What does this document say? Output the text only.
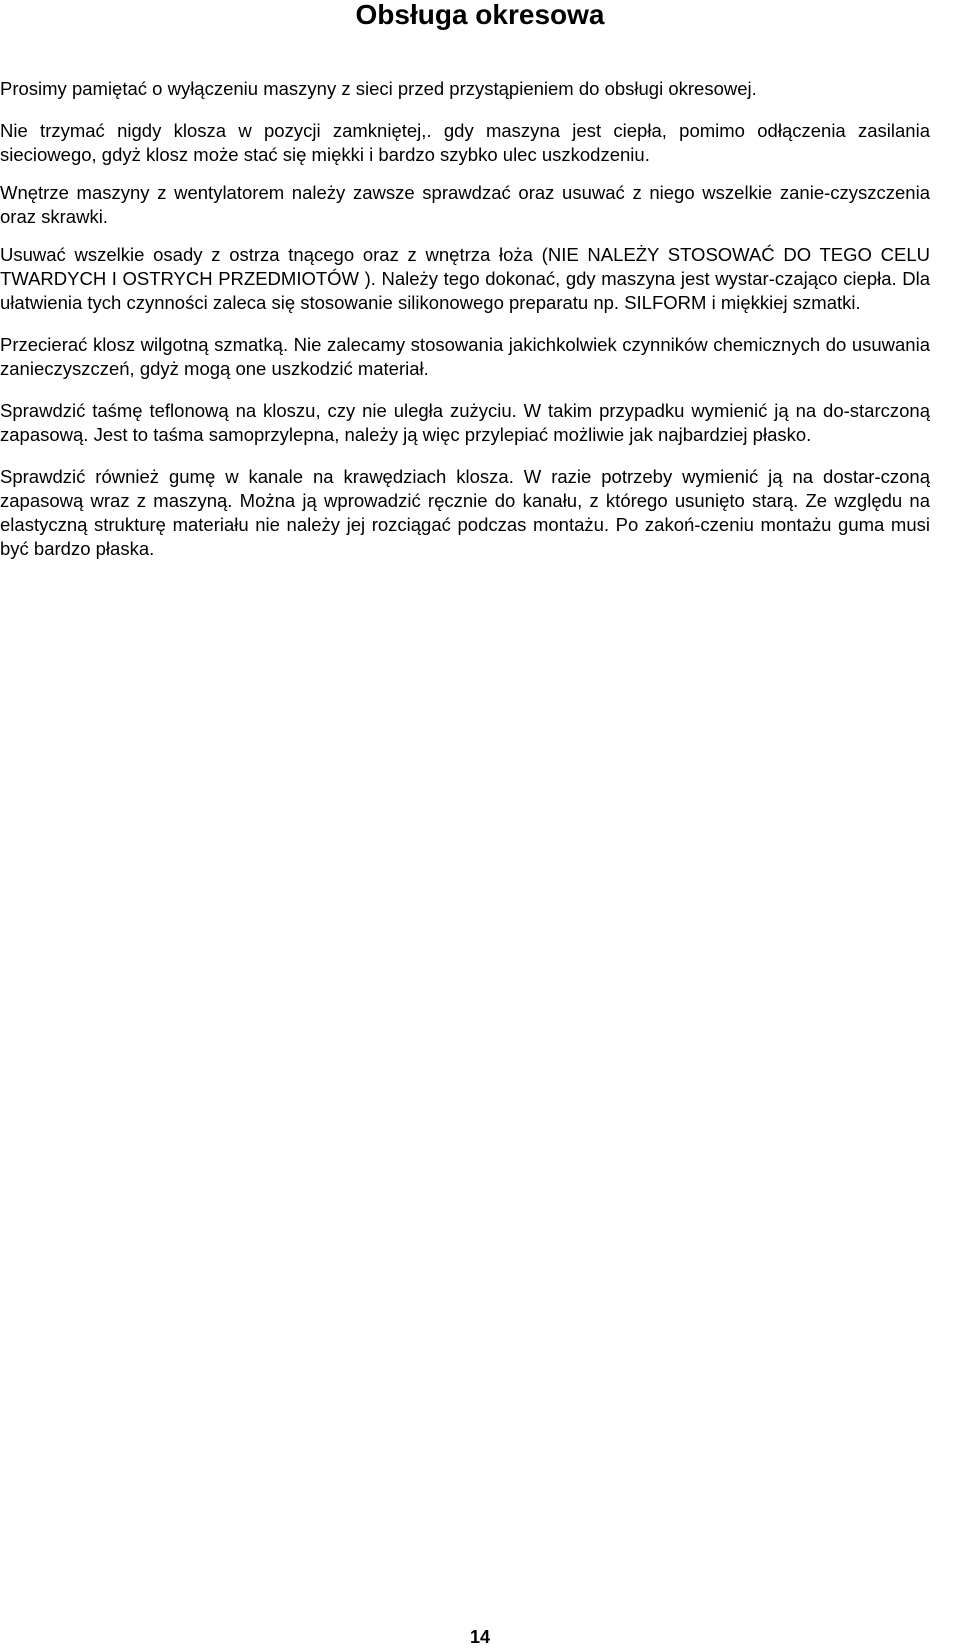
Obsługa okresowa

Prosimy pamiętać o wyłączeniu maszyny z sieci przed przystąpieniem do obsługi okresowej.

Nie trzymać nigdy klosza w pozycji zamkniętej,. gdy maszyna jest ciepła, pomimo odłączenia zasilania sieciowego, gdyż klosz może stać się miękki i bardzo szybko ulec uszkodzeniu.

Wnętrze maszyny z wentylatorem należy zawsze sprawdzać oraz usuwać z niego wszelkie zanie-czyszczenia oraz skrawki.

Usuwać wszelkie osady z ostrza tnącego oraz z wnętrza łoża (NIE NALEŻY STOSOWAĆ DO TEGO CELU TWARDYCH I OSTRYCH PRZEDMIOTÓW ). Należy tego dokonać, gdy maszyna jest wystar-czająco ciepła. Dla ułatwienia tych czynności zaleca się stosowanie silikonowego preparatu np. SILFORM i miękkiej szmatki.

Przecierać klosz wilgotną szmatką. Nie zalecamy stosowania jakichkolwiek czynników chemicznych do usuwania zanieczyszczeń, gdyż mogą one uszkodzić materiał.

Sprawdzić taśmę teflonową na kloszu, czy nie uległa zużyciu. W takim przypadku wymienić ją na do-starczoną zapasową. Jest to taśma samoprzylepna, należy ją więc przylepiać możliwie jak najbardziej płasko.

Sprawdzić również gumę w kanale na krawędziach klosza. W razie potrzeby wymienić ją na dostar-czoną zapasową wraz z maszyną. Można ją wprowadzić ręcznie do kanału, z którego usunięto starą. Ze względu na elastyczną strukturę materiału nie należy jej rozciągać podczas montażu. Po zakoń-czeniu montażu guma musi być bardzo płaska.

14
